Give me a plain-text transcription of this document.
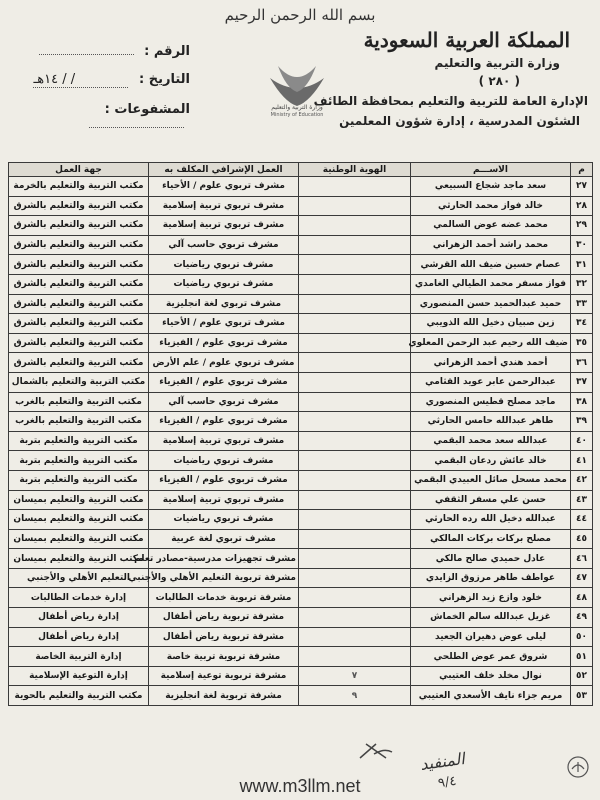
بسم الله الرحمن الرحيم
المملكة العربية السعودية
وزارة التربية والتعليم
( ٢٨٠ )
الإدارة العامة للتربية والتعليم بمحافظة الطائف
الشئون المدرسية ، إدارة شؤون المعلمين
وزارة التربية والتعليم
Ministry of Education
الرقم :
التاريخ : / / ١٤هـ
المشفوعات :
م	الاســـم	الهوية الوطنية	العمل الإشرافي المكلف به	جهة العمل
٢٧	سعد ماجد شجاع السبيعي		مشرف تربوي علوم / الأحياء	مكتب التربية والتعليم بالخرمة
٢٨	خالد فواز محمد الحارثي		مشرف تربوي تربية إسلامية	مكتب التربية والتعليم بالشرق
٢٩	محمد عضه عوض السالمي		مشرف تربوي تربية إسلامية	مكتب التربية والتعليم بالشرق
٣٠	محمد راشد أحمد الزهراني		مشرف تربوي حاسب آلي	مكتب التربية والتعليم بالشرق
٣١	عصام حسين ضيف الله القرشي		مشرف تربوي رياضيات	مكتب التربية والتعليم بالشرق
٣٢	فواز مسفر محمد الطيالي الغامدي		مشرف تربوي رياضيات	مكتب التربية والتعليم بالشرق
٣٣	حميد عبدالحميد حسن المنصوري		مشرف تربوي لغة انجليزية	مكتب التربية والتعليم بالشرق
٣٤	زين صبيان دخيل الله الذويبي		مشرف تربوي علوم / الأحياء	مكتب التربية والتعليم بالشرق
٣٥	ضيف الله رحيم عبد الرحمن المعلوي		مشرف تربوي علوم / الفيزياء	مكتب التربية والتعليم بالشرق
٣٦	أحمد هندي أحمد الزهراني		مشرف تربوي علوم / علم الأرض	مكتب التربية والتعليم بالشرق
٣٧	عبدالرحمن عابر عويد القثامي		مشرف تربوي علوم / الفيزياء	مكتب التربية والتعليم بالشمال
٣٨	ماجد مصلح قطيس المنصوري		مشرف تربوي حاسب آلي	مكتب التربية والتعليم بالغرب
٣٩	طاهر عبدالله حامس الحارثي		مشرف تربوي علوم / الفيزياء	مكتب التربية والتعليم بالغرب
٤٠	عبدالله سعد محمد البقمي		مشرف تربوي تربية إسلامية	مكتب التربية والتعليم بتربة
٤١	خالد عائش ردعان البقمي		مشرف تربوي رياضيات	مكتب التربية والتعليم بتربة
٤٢	محمد مسحل صائل العبيدي البقمي		مشرف تربوي علوم / الفيزياء	مكتب التربية والتعليم بتربة
٤٣	حسن علي مسفر الثقفي		مشرف تربوي تربية إسلامية	مكتب التربية والتعليم بميسان
٤٤	عبدالله دخيل الله رده الحارثي		مشرف تربوي رياضيات	مكتب التربية والتعليم بميسان
٤٥	مصلح بركات بركات المالكي		مشرف تربوي لغة عربية	مكتب التربية والتعليم بميسان
٤٦	عادل حميدي صالح مالكي		مشرف تجهيزات مدرسية-مصادر تعلم	مكتب التربية والتعليم بميسان
٤٧	عواطف طاهر مرزوق الزايدي		مشرفة تربوية التعليم الأهلي والأجنبي	التعليم الأهلي والأجنبي
٤٨	خلود وازع زيد الزهراني		مشرفة تربوية خدمات الطالبات	إدارة خدمات الطالبات
٤٩	غزيل عبدالله سالم الخماش		مشرفة تربوية رياض أطفال	إدارة رياض أطفال
٥٠	ليلى عوض دهيران الجعيد		مشرفة تربوية رياض أطفال	إدارة رياض أطفال
٥١	شروق عمر عوض الطلحي		مشرفة تربوية تربية خاصة	إدارة التربية الخاصة
٥٢	نوال مخلد خلف العتيبي	٧	مشرفة تربوية توعية إسلامية	إدارة التوعية الإسلامية
٥٣	مريم جزاء نايف الأسعدي العتيبي	٩	مشرفة تربوية لغة انجليزية	مكتب التربية والتعليم بالحوية
المنفيد
٩/٤
www.m3llm.net
